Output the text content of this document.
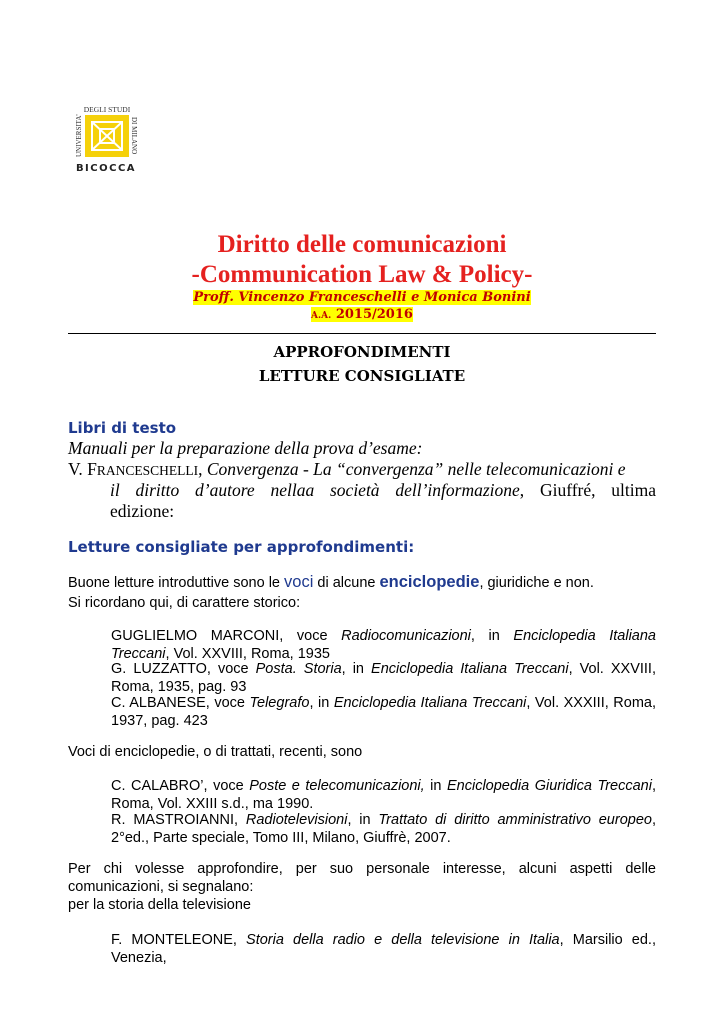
DEGLI STUDI
UNIVERSITA'	DI MILANO
BICOCCA
Diritto delle comunicazioni
-Communication Law & Policy-
Proff. Vincenzo Franceschelli e Monica Bonini
A.A. 2015/2016
APPROFONDIMENTI
LETTURE CONSIGLIATE
Libri di testo
Manuali per la preparazione della prova d’esame:
V. FRANCESCHELLI, Convergenza - La “convergenza” nelle telecomunicazioni e
il diritto d’autore nellaa società dell’informazione, Giuffré, ultima
edizione:
Letture consigliate per approfondimenti:
Buone letture introduttive sono le voci di alcune enciclopedie, giuridiche e non.
Si ricordano qui, di carattere storico:
GUGLIELMO MARCONI, voce Radiocomunicazioni, in Enciclopedia Italiana
Treccani, Vol. XXVIII, Roma, 1935
G. LUZZATTO, voce Posta. Storia, in Enciclopedia Italiana Treccani, Vol. XXVIII,
Roma, 1935, pag. 93
C. ALBANESE, voce Telegrafo, in Enciclopedia Italiana Treccani, Vol. XXXIII, Roma,
1937, pag. 423
Voci di enciclopedie, o di trattati, recenti, sono
C. CALABRO’, voce Poste e telecomunicazioni, in Enciclopedia Giuridica Treccani,
Roma, Vol. XXIII s.d., ma 1990.
R. MASTROIANNI, Radiotelevisioni, in Trattato di diritto amministrativo europeo,
2°ed., Parte speciale, Tomo III, Milano, Giuffrè, 2007.
Per chi volesse approfondire, per suo personale interesse, alcuni aspetti delle
comunicazioni, si segnalano:
per la storia della televisione
F. MONTELEONE, Storia della radio e della televisione in Italia, Marsilio ed., Venezia,
